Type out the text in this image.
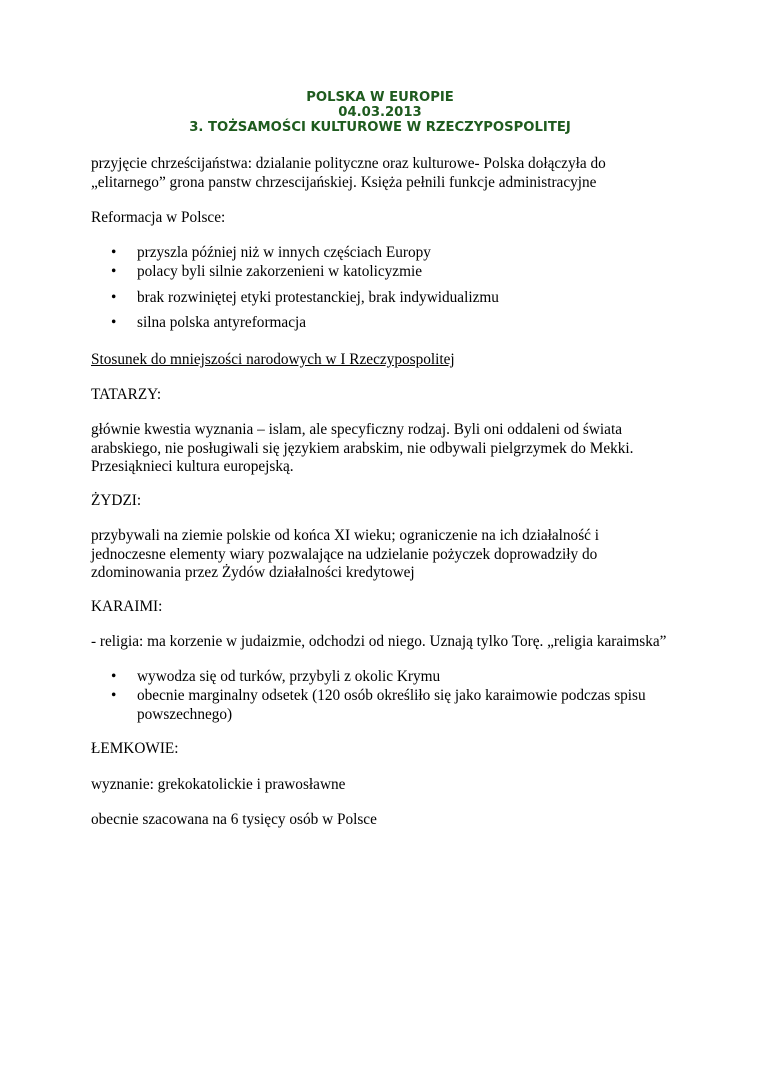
POLSKA W EUROPIE
04.03.2013
3. TOŻSAMOŚCI KULTUROWE W RZECZYPOSPOLITEJ
przyjęcie chrześcijaństwa: dzialanie polityczne oraz kulturowe- Polska dołączyła do
„elitarnego” grona panstw chrzescijańskiej. Księża pełnili funkcje administracyjne
Reformacja w Polsce:
• przyszla później niż w innych częściach Europy
• polacy byli silnie zakorzenieni w katolicyzmie
• brak rozwiniętej etyki protestanckiej, brak indywidualizmu
• silna polska antyreformacja
Stosunek do mniejszości narodowych w I Rzeczypospolitej
TATARZY:
głównie kwestia wyznania – islam, ale specyficzny rodzaj. Byli oni oddaleni od świata
arabskiego, nie posługiwali się językiem arabskim, nie odbywali pielgrzymek do Mekki.
Przesiąknieci kultura europejską.
ŻYDZI:
przybywali na ziemie polskie od końca XI wieku; ograniczenie na ich działalność i
jednoczesne elementy wiary pozwalające na udzielanie pożyczek doprowadziły do
zdominowania przez Żydów działalności kredytowej
KARAIMI:
- religia: ma korzenie w judaizmie, odchodzi od niego. Uznają tylko Torę. „religia karaimska”
• wywodza się od turków, przybyli z okolic Krymu
• obecnie marginalny odsetek (120 osób określiło się jako karaimowie podczas spisu
powszechnego)
ŁEMKOWIE:
wyznanie: grekokatolickie i prawosławne
obecnie szacowana na 6 tysięcy osób w Polsce
